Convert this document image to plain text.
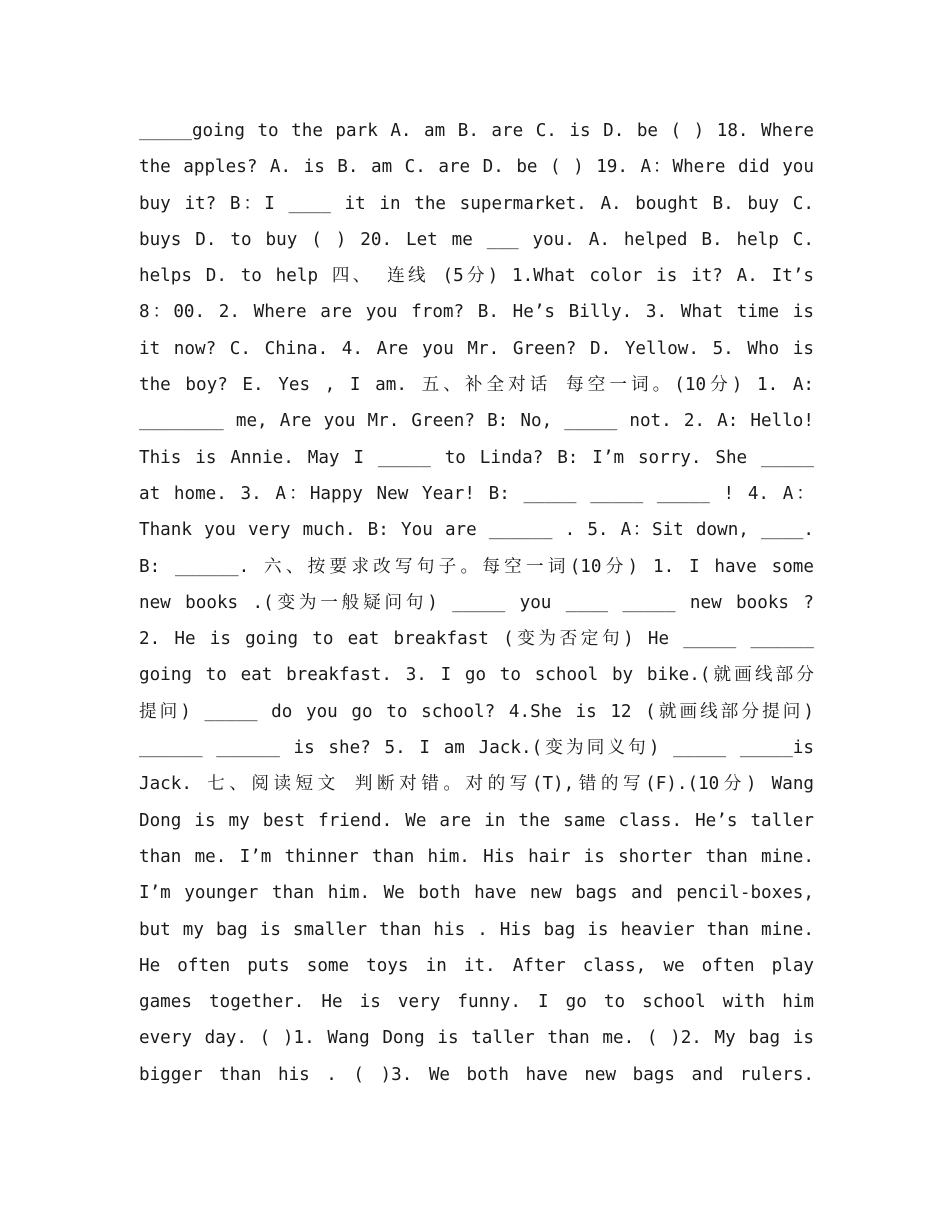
_____going to the park A. am B. are C. is D. be ( ) 18. Where
the apples? A. is B. am C. are D. be ( ) 19. A：Where did you
buy it? B：I ____ it in the supermarket. A. bought B. buy C.
buys D. to buy ( ) 20. Let me ___ you. A. helped B. help C.
helps D. to help 四、 连线 (5分) 1.What color is it? A. It’s
8：00. 2. Where are you from? B. He’s Billy. 3. What time is
it now? C. China. 4. Are you Mr. Green? D. Yellow. 5. Who is
the boy? E. Yes , I am. 五、补全对话 每空一词。(10分) 1. A:
________ me, Are you Mr. Green? B: No, _____ not. 2. A: Hello!
This is Annie. May I _____ to Linda? B: I’m sorry. She _____
at home. 3. A：Happy New Year! B: _____ _____ _____ ! 4. A：
Thank you very much. B: You are ______ . 5. A：Sit down, ____.
B: ______. 六、按要求改写句子。每空一词(10分) 1. I have some
new books .(变为一般疑问句) _____ you ____ _____ new books ?
2. He is going to eat breakfast (变为否定句) He _____ ______
going to eat breakfast. 3. I go to school by bike.(就画线部分
提问) _____ do you go to school? 4.She is 12 (就画线部分提问)
______ ______ is she? 5. I am Jack.(变为同义句) _____ _____is
Jack. 七、阅读短文 判断对错。对的写(T),错的写(F).(10分) Wang
Dong is my best friend. We are in the same class. He’s taller
than me. I’m thinner than him. His hair is shorter than mine.
I’m younger than him. We both have new bags and pencil-boxes,
but my bag is smaller than his . His bag is heavier than mine.
He often puts some toys in it. After class, we often play
games together. He is very funny. I go to school with him
every day. ( )1. Wang Dong is taller than me. ( )2. My bag is
bigger than his . ( )3. We both have new bags and rulers.
